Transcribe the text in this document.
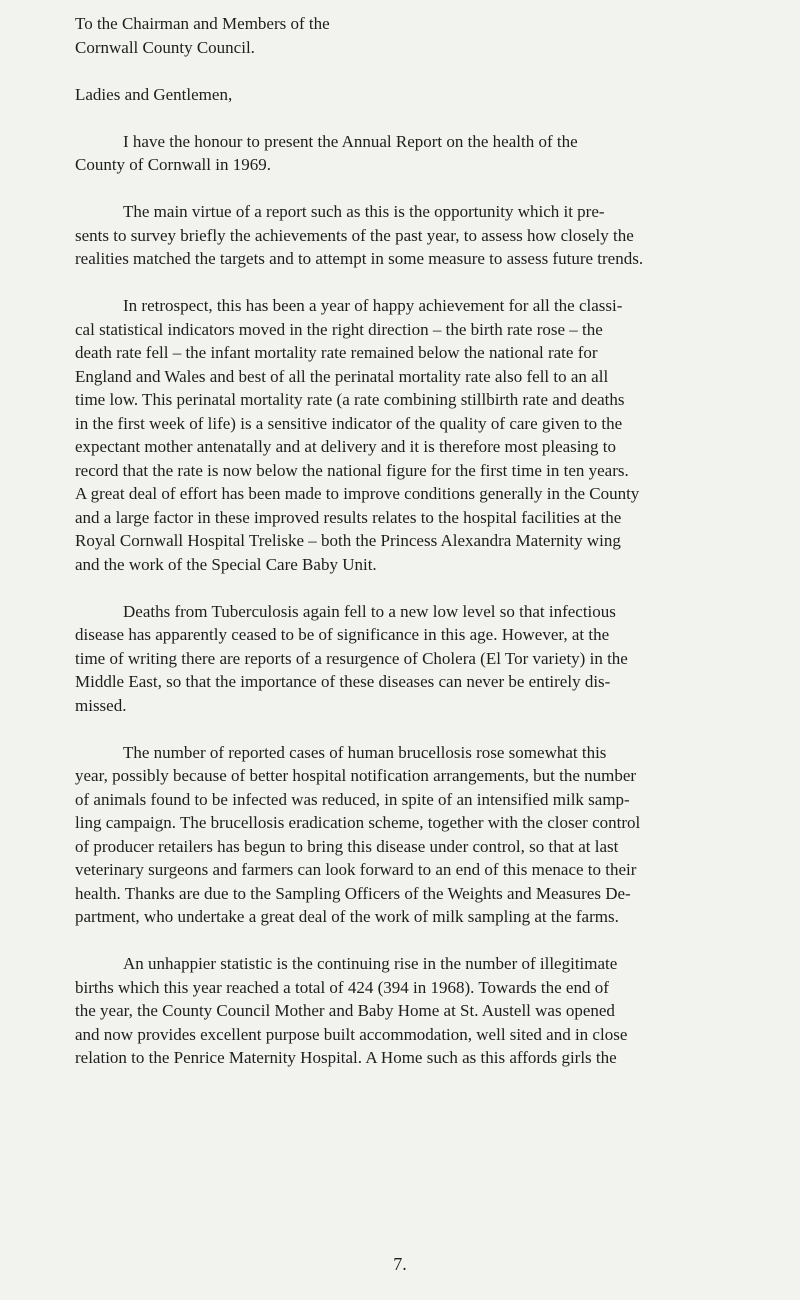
To the Chairman and Members of the
Cornwall County Council.
Ladies and Gentlemen,
I have the honour to present the Annual Report on the health of the
County of Cornwall in 1969.
The main virtue of a report such as this is the opportunity which it pre-
sents to survey briefly the achievements of the past year, to assess how closely the
realities matched the targets and to attempt in some measure to assess future trends.
In retrospect, this has been a year of happy achievement for all the classi-
cal statistical indicators moved in the right direction – the birth rate rose – the
death rate fell – the infant mortality rate remained below the national rate for
England and Wales and best of all the perinatal mortality rate also fell to an all
time low. This perinatal mortality rate (a rate combining stillbirth rate and deaths
in the first week of life) is a sensitive indicator of the quality of care given to the
expectant mother antenatally and at delivery and it is therefore most pleasing to
record that the rate is now below the national figure for the first time in ten years.
A great deal of effort has been made to improve conditions generally in the County
and a large factor in these improved results relates to the hospital facilities at the
Royal Cornwall Hospital Treliske – both the Princess Alexandra Maternity wing
and the work of the Special Care Baby Unit.
Deaths from Tuberculosis again fell to a new low level so that infectious
disease has apparently ceased to be of significance in this age. However, at the
time of writing there are reports of a resurgence of Cholera (El Tor variety) in the
Middle East, so that the importance of these diseases can never be entirely dis-
missed.
The number of reported cases of human brucellosis rose somewhat this
year, possibly because of better hospital notification arrangements, but the number
of animals found to be infected was reduced, in spite of an intensified milk samp-
ling campaign. The brucellosis eradication scheme, together with the closer control
of producer retailers has begun to bring this disease under control, so that at last
veterinary surgeons and farmers can look forward to an end of this menace to their
health. Thanks are due to the Sampling Officers of the Weights and Measures De-
partment, who undertake a great deal of the work of milk sampling at the farms.
An unhappier statistic is the continuing rise in the number of illegitimate
births which this year reached a total of 424 (394 in 1968). Towards the end of
the year, the County Council Mother and Baby Home at St. Austell was opened
and now provides excellent purpose built accommodation, well sited and in close
relation to the Penrice Maternity Hospital. A Home such as this affords girls the
7.
